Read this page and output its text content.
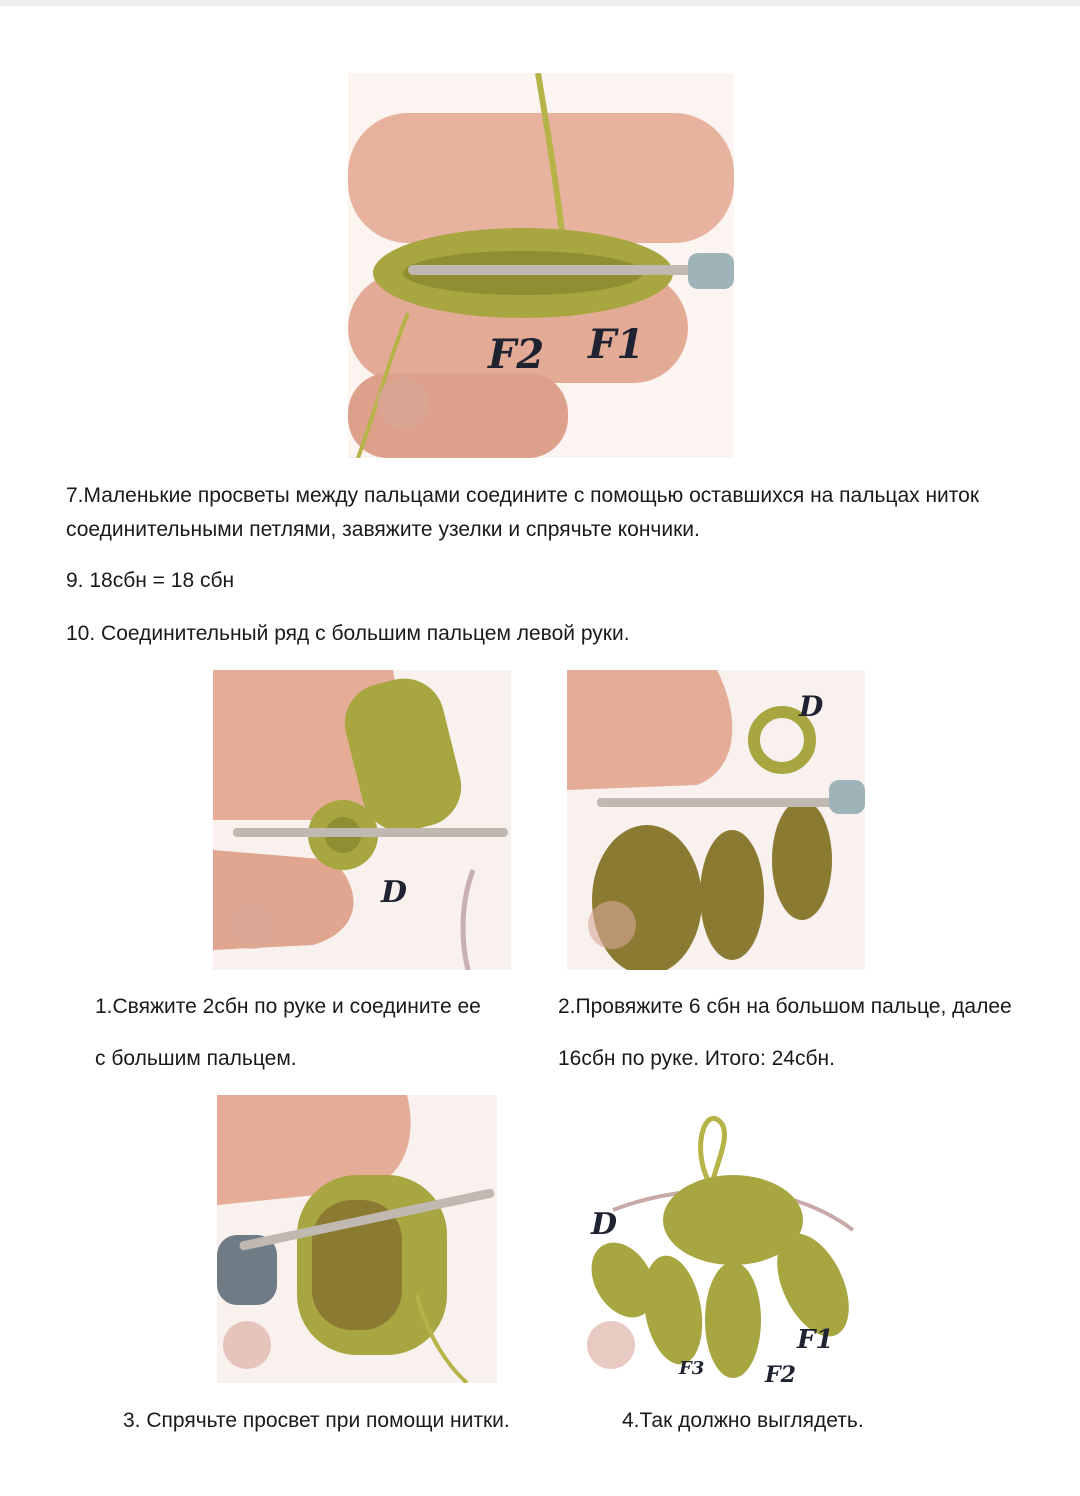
F2 F1
7.Маленькие просветы между пальцами соедините с помощью оставшихся на пальцах ниток соединительными петлями, завяжите узелки и спрячьте кончики.
9. 18сбн = 18 сбн
10. Соединительный ряд с большим пальцем левой руки.
D
D
1.Свяжите 2сбн по руке и соедините ее
с большим пальцем.
2.Провяжите 6 сбн на большом пальце, далее
16сбн по руке. Итого: 24сбн.
D
F1
F2
F3
3. Спрячьте просвет при помощи нитки.	4.Так должно выглядеть.
